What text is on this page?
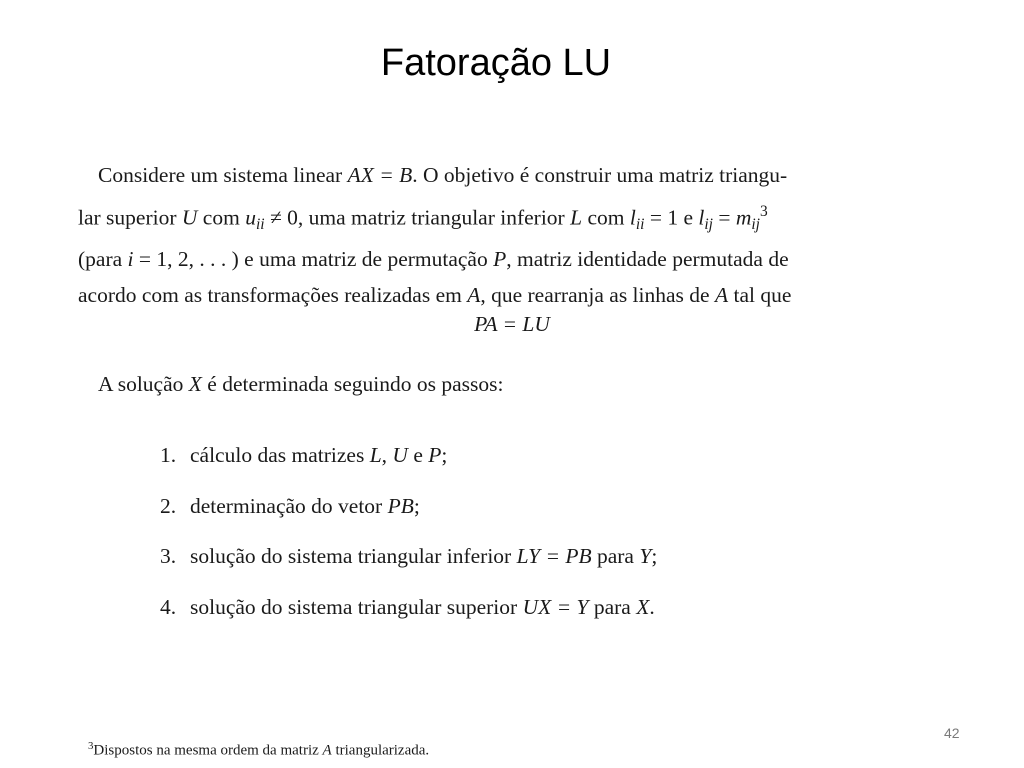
Fatoração LU
Considere um sistema linear AX = B. O objetivo é construir uma matriz triangu-
lar superior U com $u_{ii} \ne 0$, uma matriz triangular inferior L com $l_{ii} = 1$ e $l_{ij} = m_{ij}^3$
(para i = 1, 2, . . . ) e uma matriz de permutação P, matriz identidade permutada de
acordo com as transformações realizadas em A, que rearranja as linhas de A tal que
PA = LU
A solução X é determinada seguindo os passos:
1. cálculo das matrizes L, U e P;
2. determinação do vetor PB;
3. solução do sistema triangular inferior LY = PB para Y;
4. solução do sistema triangular superior UX = Y para X.
42
$^3$Dispostos na mesma ordem da matriz A triangularizada.
